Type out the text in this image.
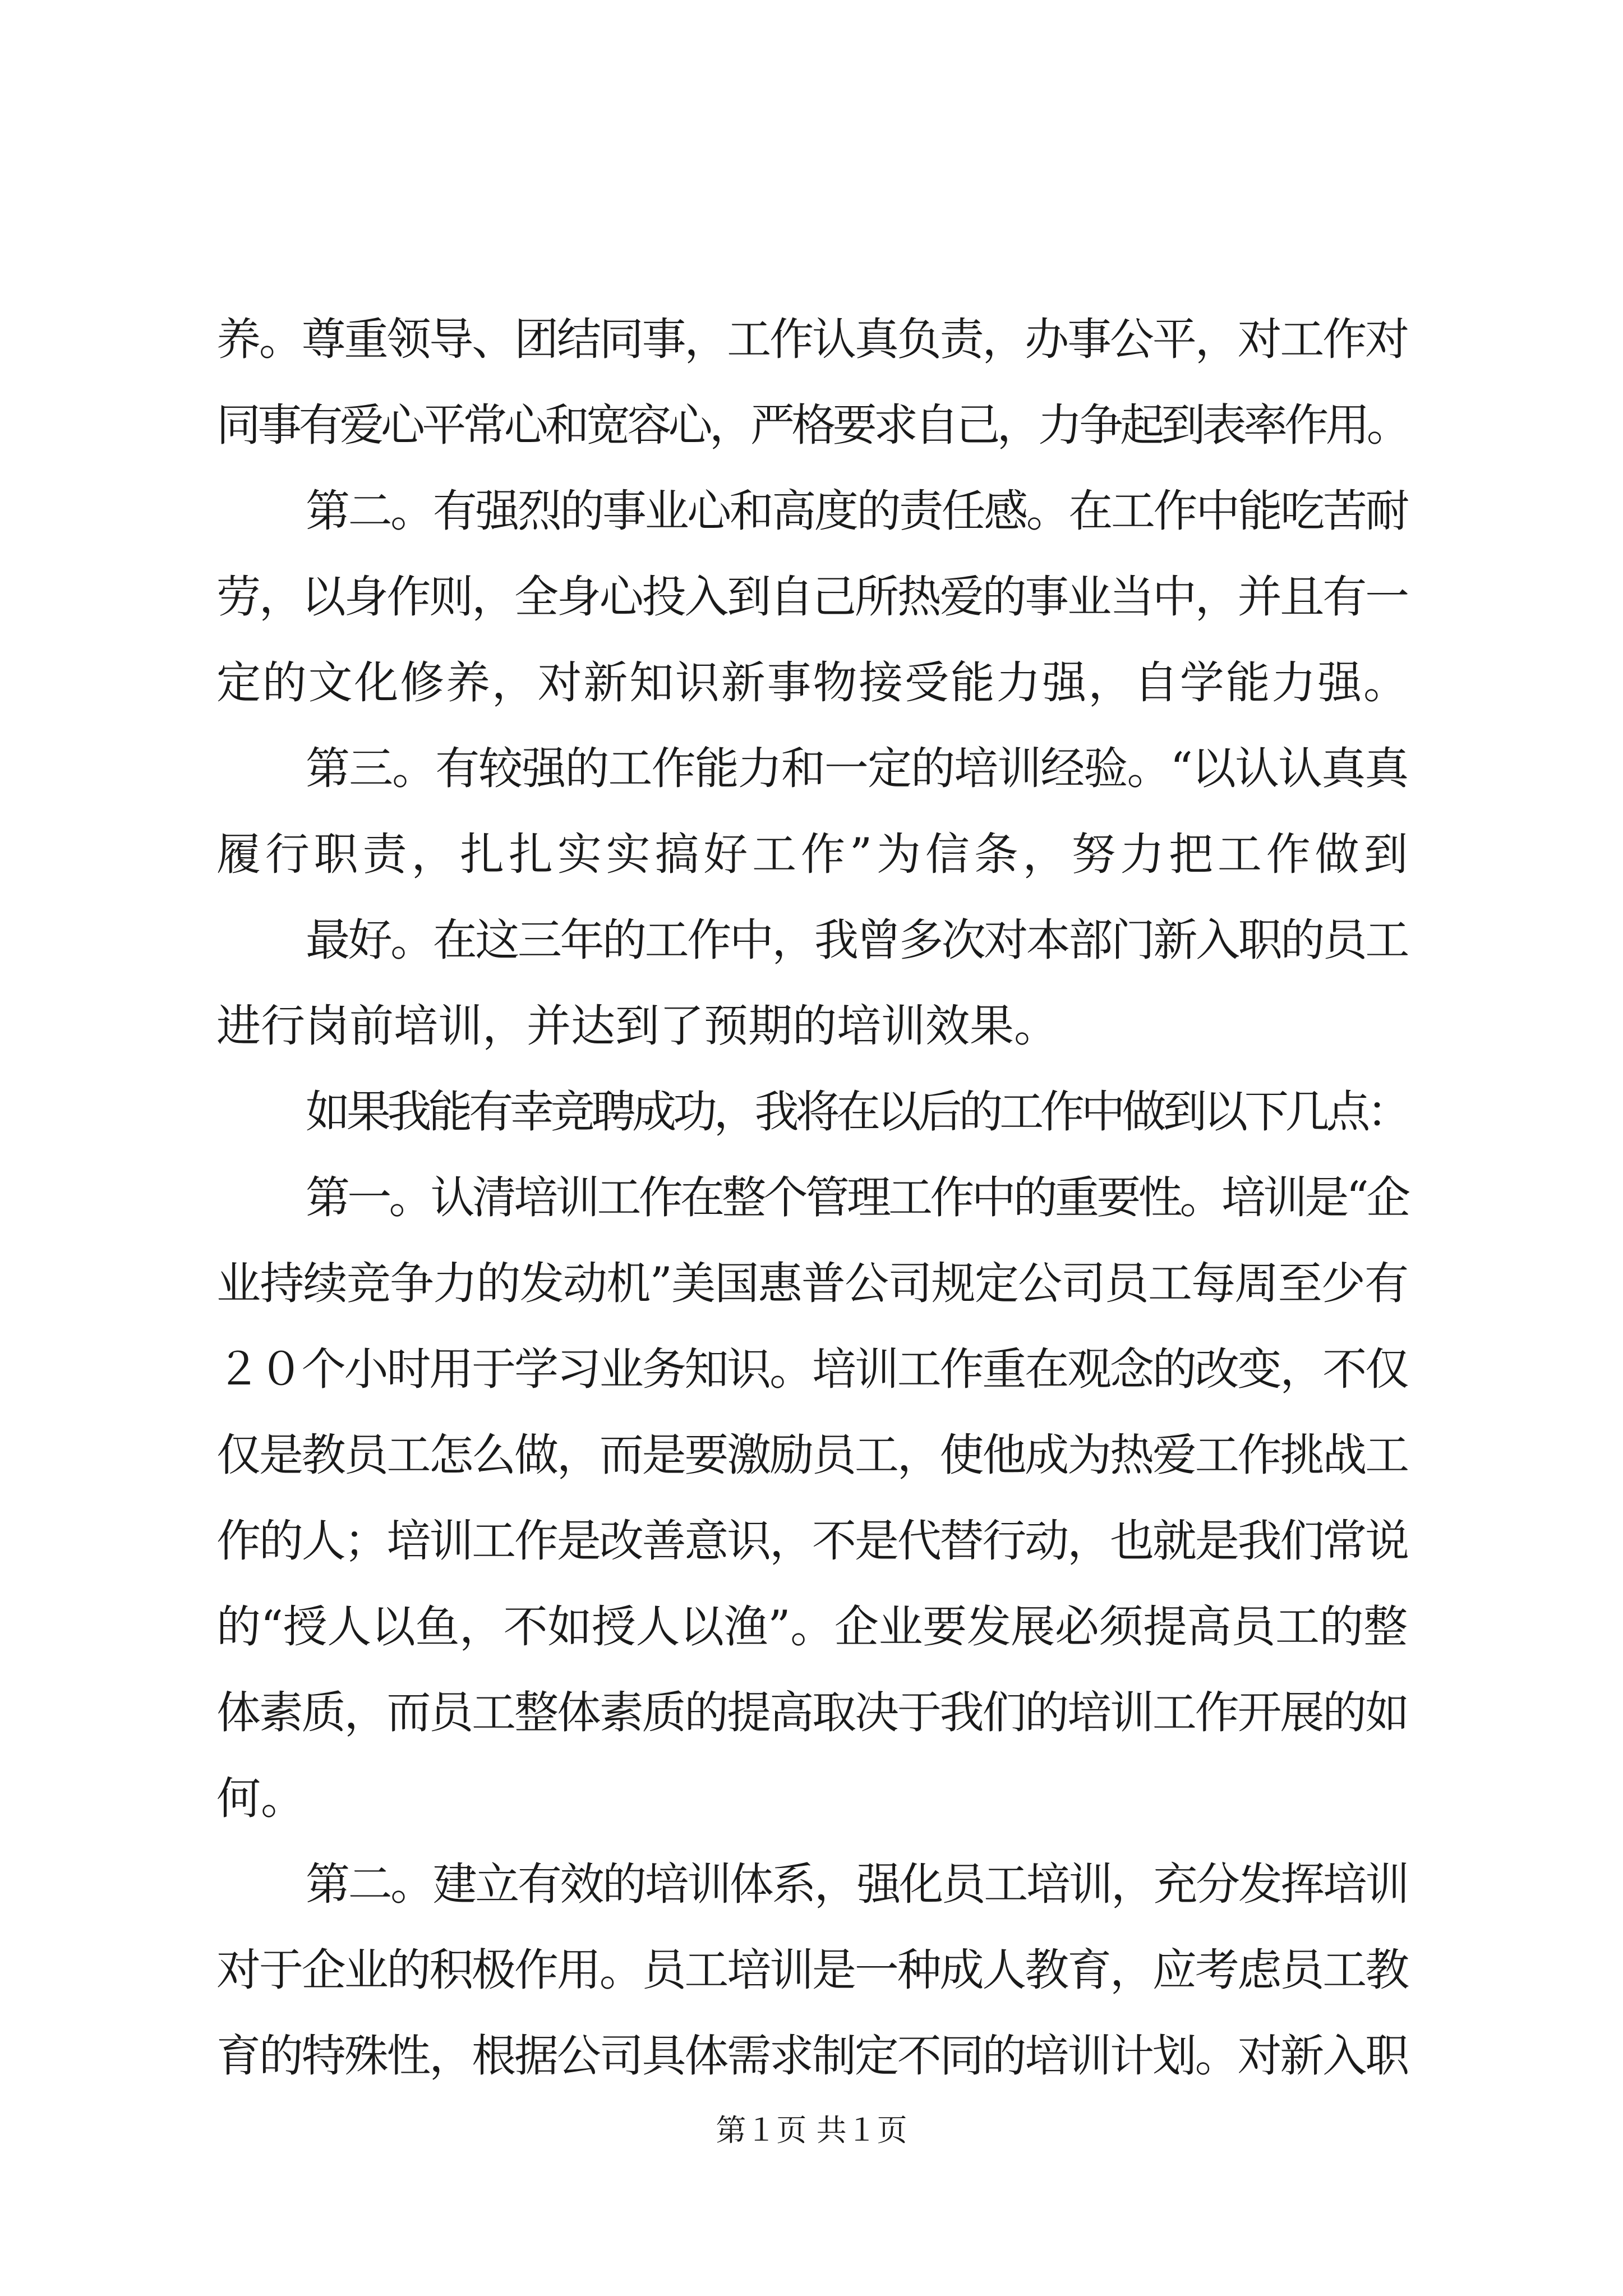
养。尊重领导、团结同事，工作认真负责，办事公平，对工作对
同事有爱心平常心和宽容心，严格要求自己，力争起到表率作用。
第二。有强烈的事业心和高度的责任感。在工作中能吃苦耐
劳，以身作则，全身心投入到自己所热爱的事业当中，并且有一
定的文化修养，对新知识新事物接受能力强，自学能力强。
第三。有较强的工作能力和一定的培训经验。“以认认真真
履行职责，扎扎实实搞好工作”为信条，努力把工作做到
最好。在这三年的工作中，我曾多次对本部门新入职的员工
进行岗前培训，并达到了预期的培训效果。
如果我能有幸竞聘成功，我将在以后的工作中做到以下几点：
第一。认清培训工作在整个管理工作中的重要性。培训是“企
业持续竞争力的发动机”美国惠普公司规定公司员工每周至少有
２０个小时用于学习业务知识。培训工作重在观念的改变，不仅
仅是教员工怎么做，而是要激励员工，使他成为热爱工作挑战工
作的人；培训工作是改善意识，不是代替行动，也就是我们常说
的“授人以鱼，不如授人以渔”。企业要发展必须提高员工的整
体素质，而员工整体素质的提高取决于我们的培训工作开展的如
何。
第二。建立有效的培训体系，强化员工培训，充分发挥培训
对于企业的积极作用。员工培训是一种成人教育，应考虑员工教
育的特殊性，根据公司具体需求制定不同的培训计划。对新入职
第１页 共１页
